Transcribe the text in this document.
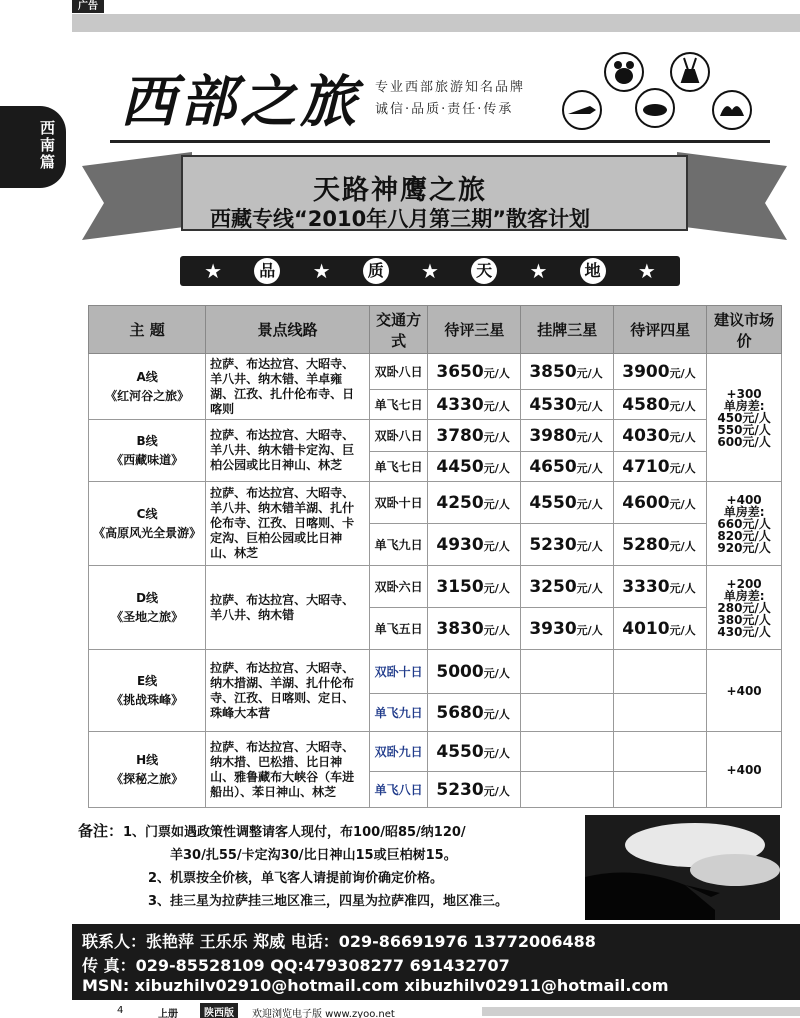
广告
西南篇
西部之旅 专业西部旅游知名品牌
诚信·品质·责任·传承
天路神鹰之旅
西藏专线“2010年八月第三期”散客计划
★	品 ★	质 ★	天 ★	地 ★
主 题	景点线路	交通方式	待评三星	挂牌三星	待评四星	建议市场价
A线
《红河谷之旅》	拉萨、布达拉宫、大昭寺、羊八井、纳木错、羊卓雍湖、江孜、扎什伦布寺、日喀则	双卧八日	3650元/人	3850元/人	3900元/人	+300
单房差:
450元/人
550元/人
600元/人
		单飞七日	4330元/人	4530元/人	4580元/人	
B线
《西藏味道》	拉萨、布达拉宫、大昭寺、羊八井、纳木错卡定沟、巨柏公园或比日神山、林芝	双卧八日	3780元/人	3980元/人	4030元/人	
		单飞七日	4450元/人	4650元/人	4710元/人	
C线
《高原风光全景游》	拉萨、布达拉宫、大昭寺、羊八井、纳木错羊湖、扎什伦布寺、江孜、日喀则、卡定沟、巨柏公园或比日神山、林芝	双卧十日	4250元/人	4550元/人	4600元/人	+400
单房差:
660元/人
820元/人
920元/人
		单飞九日	4930元/人	5230元/人	5280元/人	
D线
《圣地之旅》	拉萨、布达拉宫、大昭寺、羊八井、纳木错	双卧六日	3150元/人	3250元/人	3330元/人	+200
单房差:
280元/人
380元/人
430元/人
		单飞五日	3830元/人	3930元/人	4010元/人	
E线
《挑战珠峰》	拉萨、布达拉宫、大昭寺、纳木措湖、羊湖、扎什伦布寺、江孜、日喀则、定日、珠峰大本营	双卧十日	5000元/人			+400
		单飞九日	5680元/人			
H线
《探秘之旅》	拉萨、布达拉宫、大昭寺、纳木措、巴松措、比日神山、雅鲁藏布大峡谷（车进船出）、苯日神山、林芝	双卧九日	4550元/人			+400
		单飞八日	5230元/人			
备注：1、门票如遇政策性调整请客人现付，布100/昭85/纳120/
羊30/扎55/卡定沟30/比日神山15或巨柏树15。
2、机票按全价核，单飞客人请提前询价确定价格。
3、挂三星为拉萨挂三地区准三，四星为拉萨准四，地区准三。
联系人：张艳萍 王乐乐 郑威 电话：029-86691976 13772006488
传 真：029-85528109 QQ:479308277 691432707
MSN: xibuzhilv02910@hotmail.com xibuzhilv02911@hotmail.com
4	上册	陕西版	欢迎浏览电子版 www.zyoo.net
